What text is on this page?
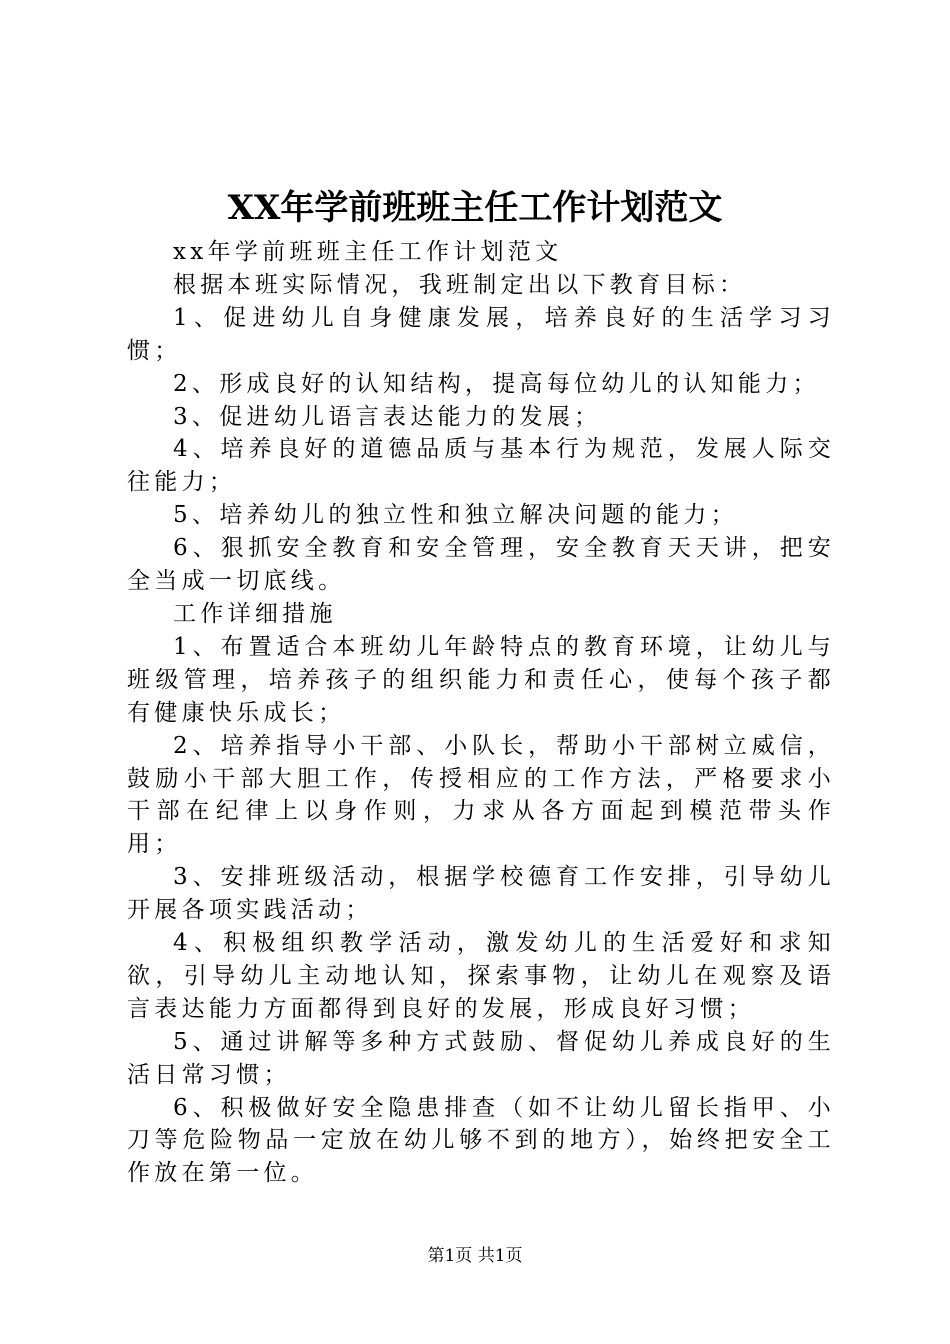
XX年学前班班主任工作计划范文

xx年学前班班主任工作计划范文

根据本班实际情况，我班制定出以下教育目标：

1、促进幼儿自身健康发展，培养良好的生活学习习惯；

2、形成良好的认知结构，提高每位幼儿的认知能力；

3、促进幼儿语言表达能力的发展；

4、培养良好的道德品质与基本行为规范，发展人际交往能力；

5、培养幼儿的独立性和独立解决问题的能力；

6、狠抓安全教育和安全管理，安全教育天天讲，把安全当成一切底线。

工作详细措施

1、布置适合本班幼儿年龄特点的教育环境，让幼儿与班级管理，培养孩子的组织能力和责任心，使每个孩子都有健康快乐成长；

2、培养指导小干部、小队长，帮助小干部树立威信，鼓励小干部大胆工作，传授相应的工作方法，严格要求小干部在纪律上以身作则，力求从各方面起到模范带头作用；

3、安排班级活动，根据学校德育工作安排，引导幼儿开展各项实践活动；

4、积极组织教学活动，激发幼儿的生活爱好和求知欲，引导幼儿主动地认知，探索事物，让幼儿在观察及语言表达能力方面都得到良好的发展，形成良好习惯；

5、通过讲解等多种方式鼓励、督促幼儿养成良好的生活日常习惯；

6、积极做好安全隐患排查（如不让幼儿留长指甲、小刀等危险物品一定放在幼儿够不到的地方），始终把安全工作放在第一位。

第1页 共1页
